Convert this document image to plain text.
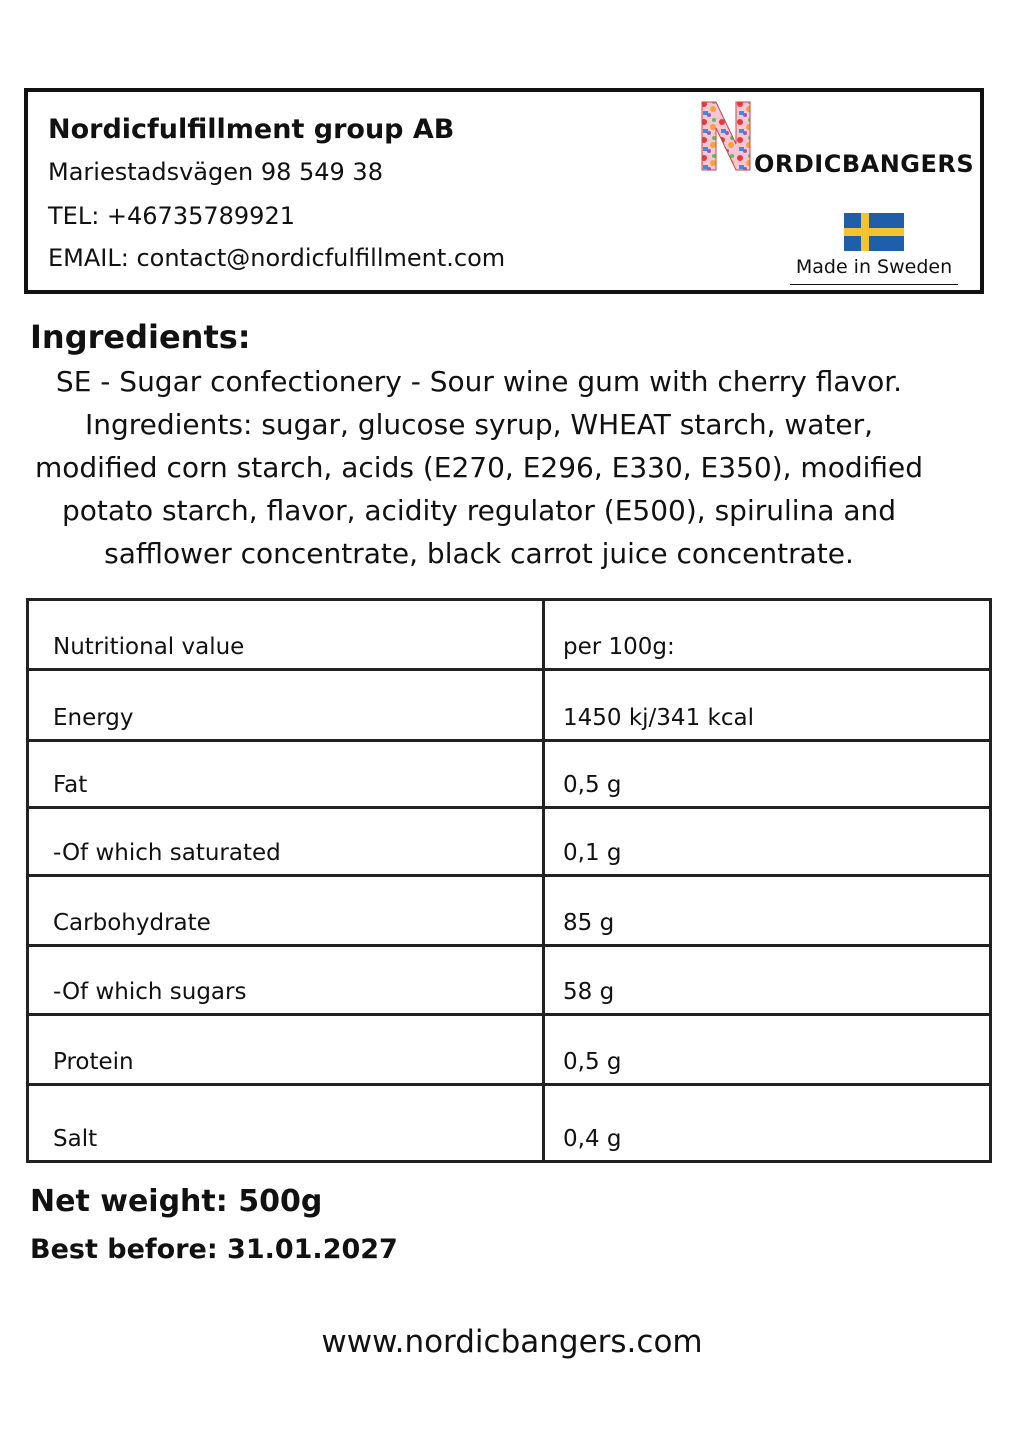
Nordicfulfillment group AB
Mariestadsvägen 98 549 38
TEL: +46735789921
EMAIL: contact@nordicfulfillment.com
ORDICBANGERS
Made in Sweden
Ingredients:
SE - Sugar confectionery - Sour wine gum with cherry flavor. Ingredients: sugar, glucose syrup, WHEAT starch, water, modified corn starch, acids (E270, E296, E330, E350), modified potato starch, flavor, acidity regulator (E500), spirulina and safflower concentrate, black carrot juice concentrate.
Nutritional value	per 100g:
Energy	1450 kj/341 kcal
Fat	0,5 g
-Of which saturated	0,1 g
Carbohydrate	85 g
-Of which sugars	58 g
Protein	0,5 g
Salt	0,4 g
Net weight: 500g
Best before: 31.01.2027
www.nordicbangers.com
